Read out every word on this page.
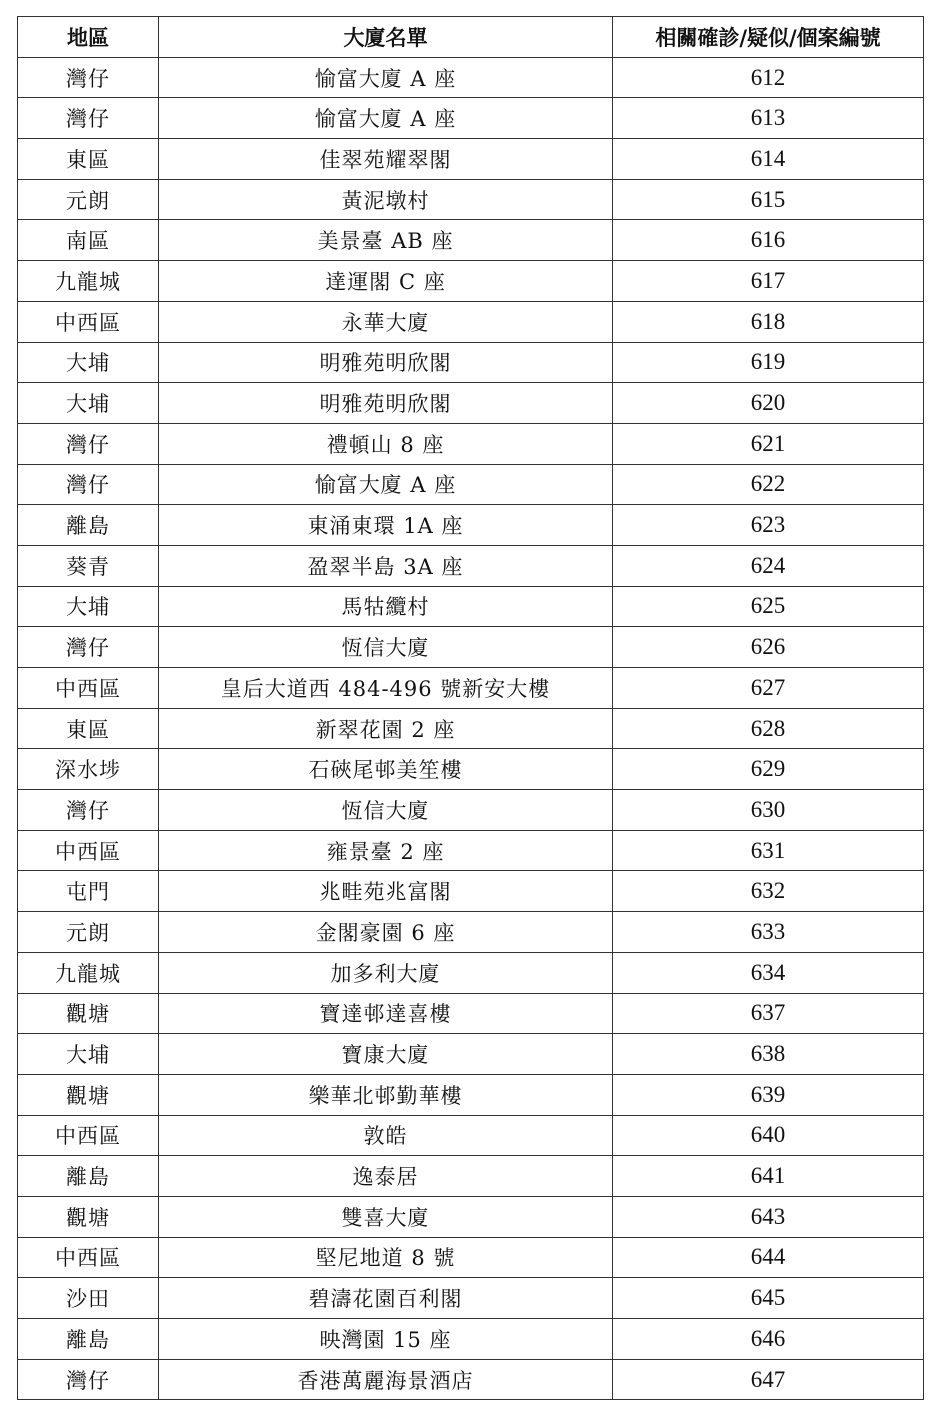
地區	大廈名單	相關確診/疑似/個案編號
灣仔	愉富大廈 A 座	612
灣仔	愉富大廈 A 座	613
東區	佳翠苑耀翠閣	614
元朗	黃泥墩村	615
南區	美景臺 AB 座	616
九龍城	達運閣 C 座	617
中西區	永華大廈	618
大埔	明雅苑明欣閣	619
大埔	明雅苑明欣閣	620
灣仔	禮頓山 8 座	621
灣仔	愉富大廈 A 座	622
離島	東涌東環 1A 座	623
葵青	盈翠半島 3A 座	624
大埔	馬牯纜村	625
灣仔	恆信大廈	626
中西區	皇后大道西 484-496 號新安大樓	627
東區	新翠花園 2 座	628
深水埗	石硤尾邨美笙樓	629
灣仔	恆信大廈	630
中西區	雍景臺 2 座	631
屯門	兆畦苑兆富閣	632
元朗	金閣豪園 6 座	633
九龍城	加多利大廈	634
觀塘	寶達邨達喜樓	637
大埔	寶康大廈	638
觀塘	樂華北邨勤華樓	639
中西區	敦皓	640
離島	逸泰居	641
觀塘	雙喜大廈	643
中西區	堅尼地道 8 號	644
沙田	碧濤花園百利閣	645
離島	映灣園 15 座	646
灣仔	香港萬麗海景酒店	647
